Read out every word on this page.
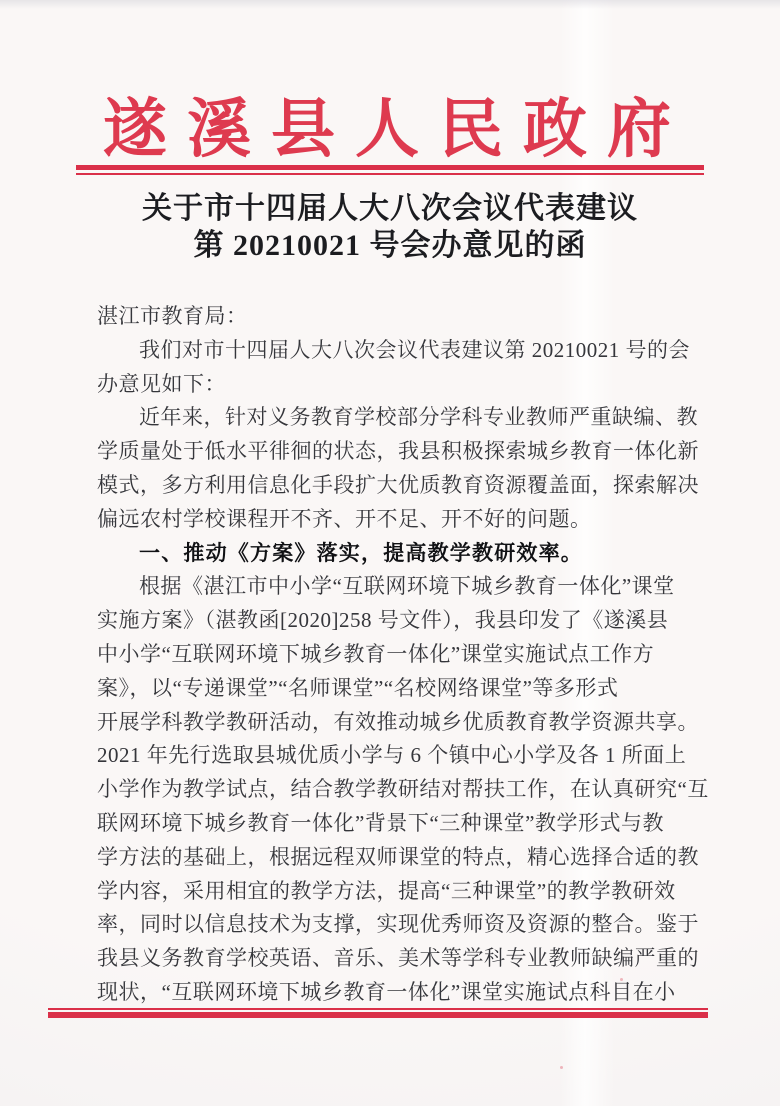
遂溪县人民政府
关于市十四届人大八次会议代表建议
第 20210021 号会办意见的函
湛江市教育局：
我们对市十四届人大八次会议代表建议第 20210021 号的会
办意见如下：
近年来，针对义务教育学校部分学科专业教师严重缺编、教
学质量处于低水平徘徊的状态，我县积极探索城乡教育一体化新
模式，多方利用信息化手段扩大优质教育资源覆盖面，探索解决
偏远农村学校课程开不齐、开不足、开不好的问题。
一、推动《方案》落实，提高教学教研效率。
根据《湛江市中小学“互联网环境下城乡教育一体化”课堂
实施方案》（湛教函[2020]258 号文件），我县印发了《遂溪县
中小学“互联网环境下城乡教育一体化”课堂实施试点工作方
案》，以“专递课堂”“名师课堂”“名校网络课堂”等多形式
开展学科教学教研活动，有效推动城乡优质教育教学资源共享。
2021 年先行选取县城优质小学与 6 个镇中心小学及各 1 所面上
小学作为教学试点，结合教学教研结对帮扶工作，在认真研究“互
联网环境下城乡教育一体化”背景下“三种课堂”教学形式与教
学方法的基础上，根据远程双师课堂的特点，精心选择合适的教
学内容，采用相宜的教学方法，提高“三种课堂”的教学教研效
率，同时以信息技术为支撑，实现优秀师资及资源的整合。鉴于
我县义务教育学校英语、音乐、美术等学科专业教师缺编严重的
现状，“互联网环境下城乡教育一体化”课堂实施试点科目在小
